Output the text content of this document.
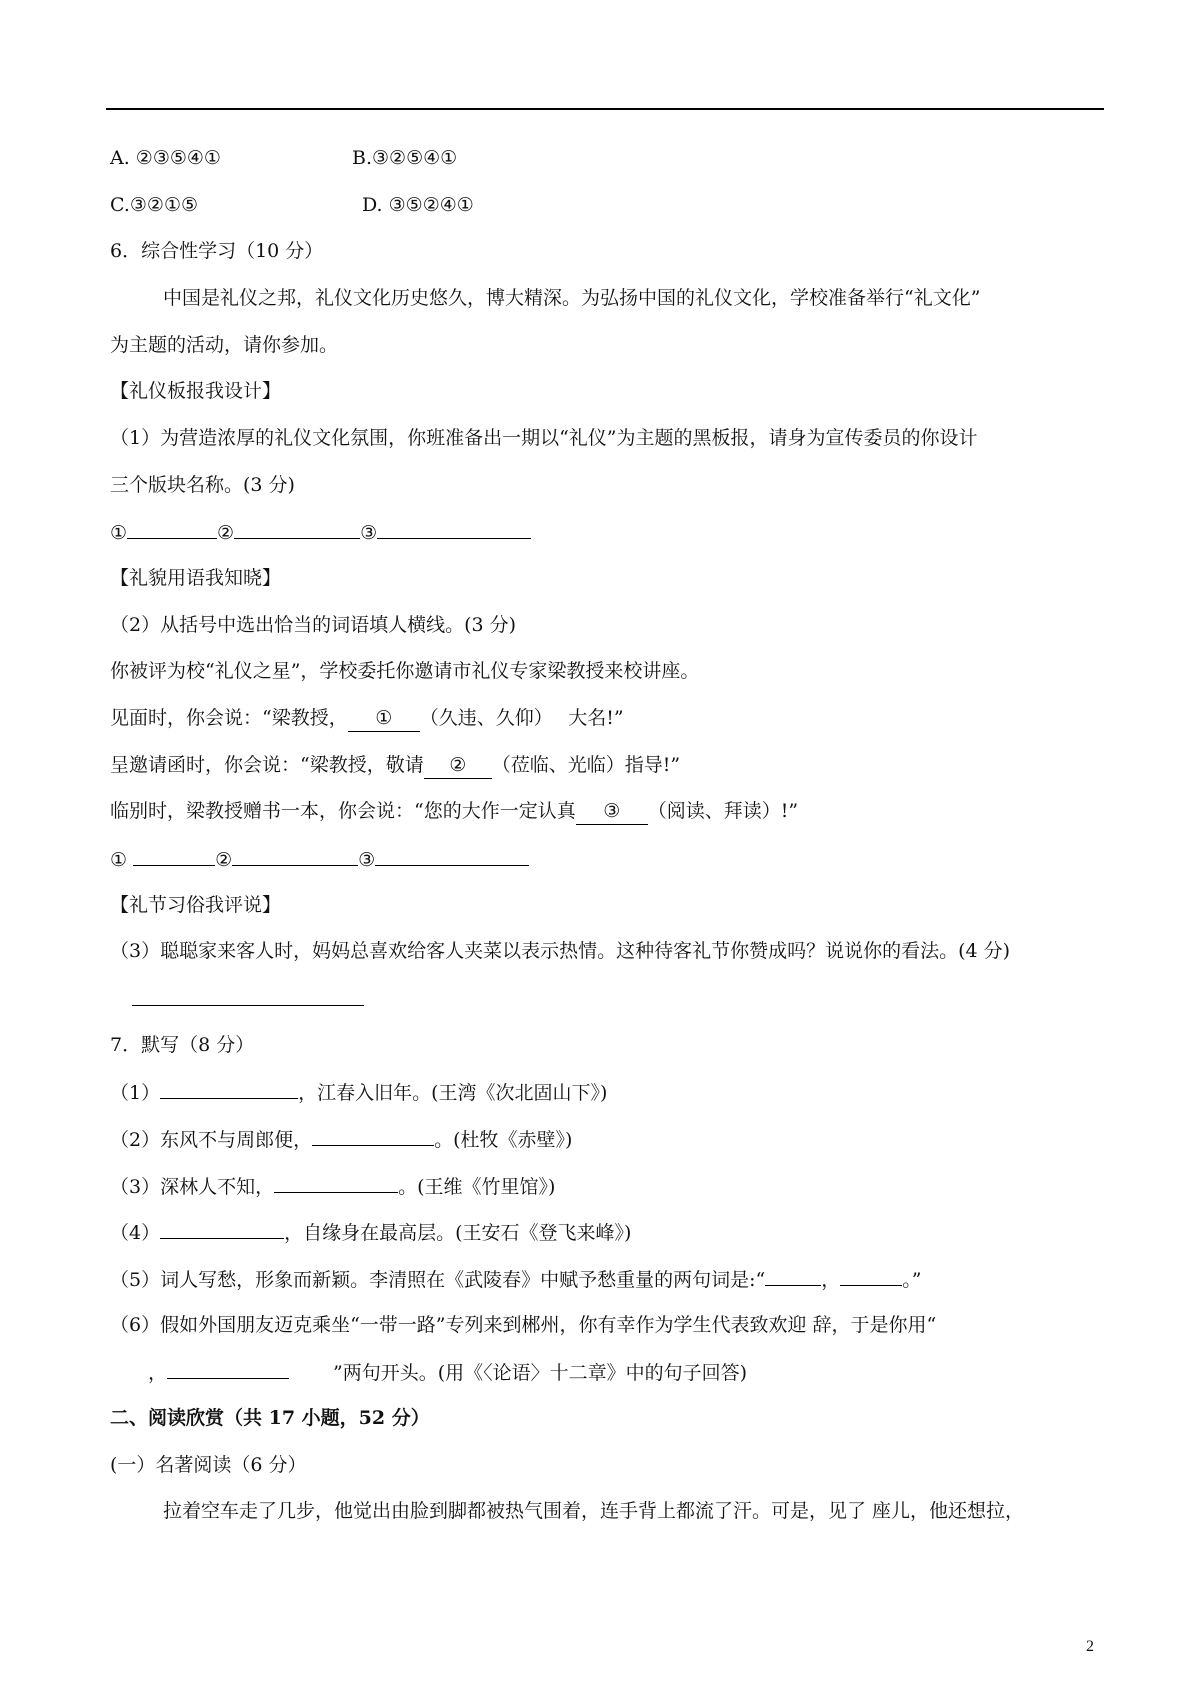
A. ②③⑤④①	B.③②⑤④①
C.③②①⑤	D. ③⑤②④①
6．综合性学习（10 分）
中国是礼仪之邦，礼仪文化历史悠久，博大精深。为弘扬中国的礼仪文化，学校准备举行“礼文化”
为主题的活动，请你参加。
【礼仪板报我设计】
（1）为营造浓厚的礼仪文化氛围，你班准备出一期以“礼仪”为主题的黑板报，请身为宣传委员的你设计
三个版块名称。(3 分)
①	②	③
【礼貌用语我知晓】
（2）从括号中选出恰当的词语填人横线。(3 分)
你被评为校“礼仪之星”，学校委托你邀请市礼仪专家梁教授来校讲座。
见面时，你会说：“梁教授， ① （久违、久仰）　 大名!”
呈邀请函时，你会说：“梁教授，敬请 ② （莅临、光临）指导!”
临别时，梁教授赠书一本，你会说：“您的大作一定认真 ③ （阅读、拜读）!”
①	②	③
【礼节习俗我评说】
（3）聪聪家来客人时，妈妈总喜欢给客人夹菜以表示热情。这种待客礼节你赞成吗？说说你的看法。(4 分)
7．默写（8 分）
（1）	，江春入旧年。(王湾《次北固山下》)
（2）东风不与周郎便，	。(杜牧《赤壁》)
（3）深林人不知，	。(王维《竹里馆》)
（4）	，自缘身在最高层。(王安石《登飞来峰》)
（5）词人写愁，形象而新颖。李清照在《武陵春》中赋予愁重量的两句词是:“	，	。”
（6）假如外国朋友迈克乘坐“一带一路”专列来到郴州，你有幸作为学生代表致欢迎 辞，于是你用“
，	”两句开头。(用《〈论语〉十二章》中的句子回答)
二、阅读欣赏（共 17 小题，52 分）
(一）名著阅读（6 分）
拉着空车走了几步，他觉出由脸到脚都被热气围着，连手背上都流了汗。可是，见了 座儿，他还想拉，
2
